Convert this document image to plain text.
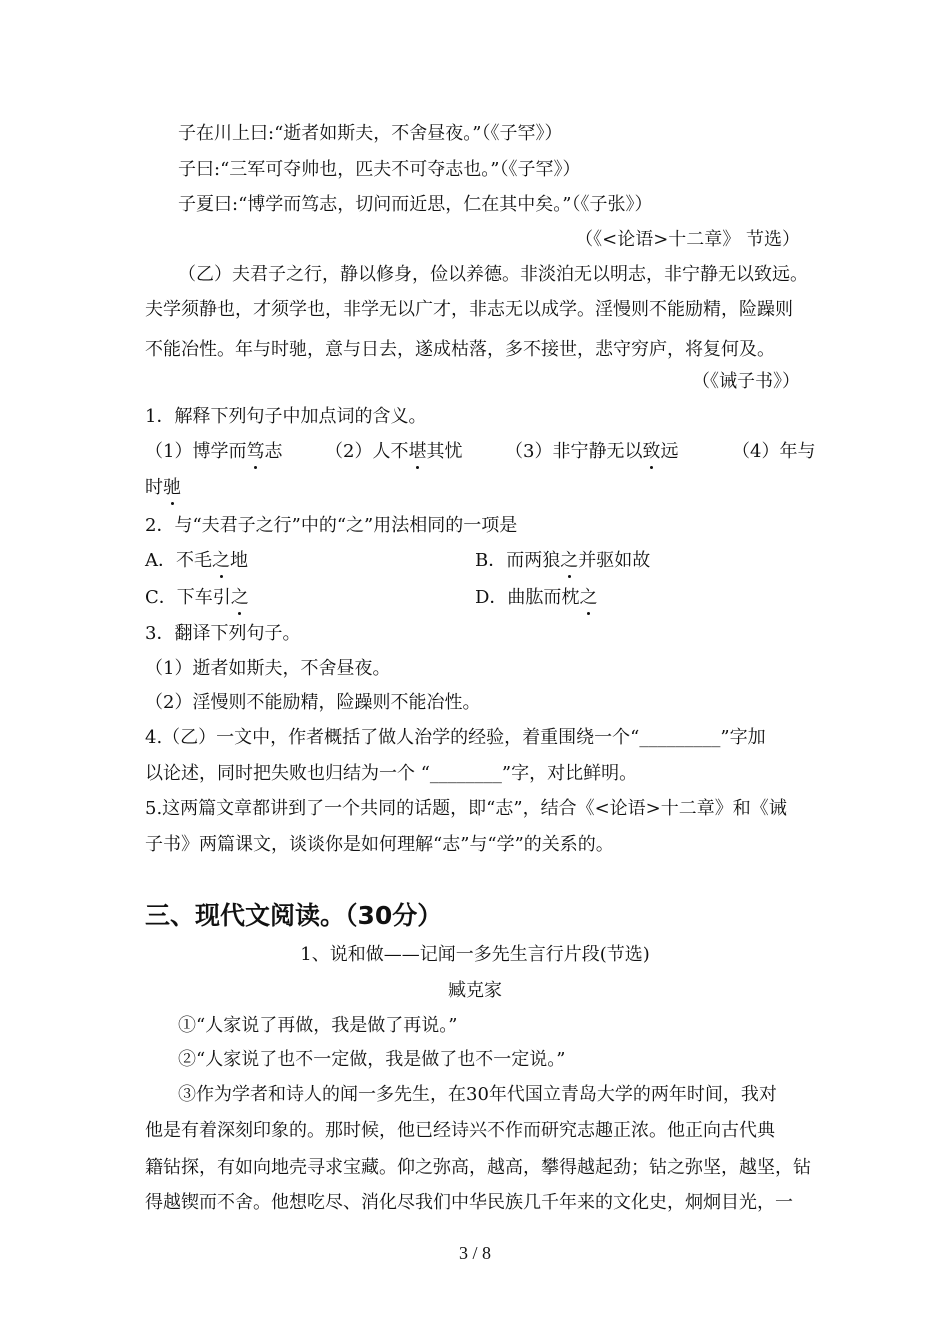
子在川上曰:“逝者如斯夫，不舍昼夜。”（《子罕》）
子曰:“三军可夺帅也，匹夫不可夺志也。”（《子罕》）
子夏曰:“博学而笃志，切问而近思，仁在其中矣。”（《子张》）
（《<论语>十二章》 节选）
（乙）夫君子之行，静以修身，俭以养德。非淡泊无以明志，非宁静无以致远。
夫学须静也，才须学也，非学无以广才，非志无以成学。淫慢则不能励精，险躁则
不能冶性。年与时驰，意与日去，遂成枯落，多不接世，悲守穷庐，将复何及。
（《诫子书》）
1．解释下列句子中加点词的含义。
（1）博学而笃志 （2）人不堪其忧 （3）非宁静无以致远	（4）年与
时驰
2．与“夫君子之行”中的“之”用法相同的一项是
A．不毛之地	B．而两狼之并驱如故
C．下车引之	D．曲肱而枕之
3．翻译下列句子。
（1）逝者如斯夫，不舍昼夜。
（2）淫慢则不能励精，险躁则不能冶性。
4.（乙）一文中，作者概括了做人治学的经验，着重围绕一个“_________”字加
以论述，同时把失败也归结为一个 “________”字，对比鲜明。
5.这两篇文章都讲到了一个共同的话题，即“志”，结合《<论语>十二章》和《诫
子书》两篇课文，谈谈你是如何理解“志”与“学”的关系的。
三、现代文阅读。（30分）
1、说和做——记闻一多先生言行片段(节选)
臧克家
①“人家说了再做，我是做了再说。”
②“人家说了也不一定做，我是做了也不一定说。”
③作为学者和诗人的闻一多先生，在30年代国立青岛大学的两年时间，我对
他是有着深刻印象的。那时候，他已经诗兴不作而研究志趣正浓。他正向古代典
籍钻探，有如向地壳寻求宝藏。仰之弥高，越高，攀得越起劲；钻之弥坚，越坚，钻
得越锲而不舍。他想吃尽、消化尽我们中华民族几千年来的文化史，炯炯目光，一
3 / 8
